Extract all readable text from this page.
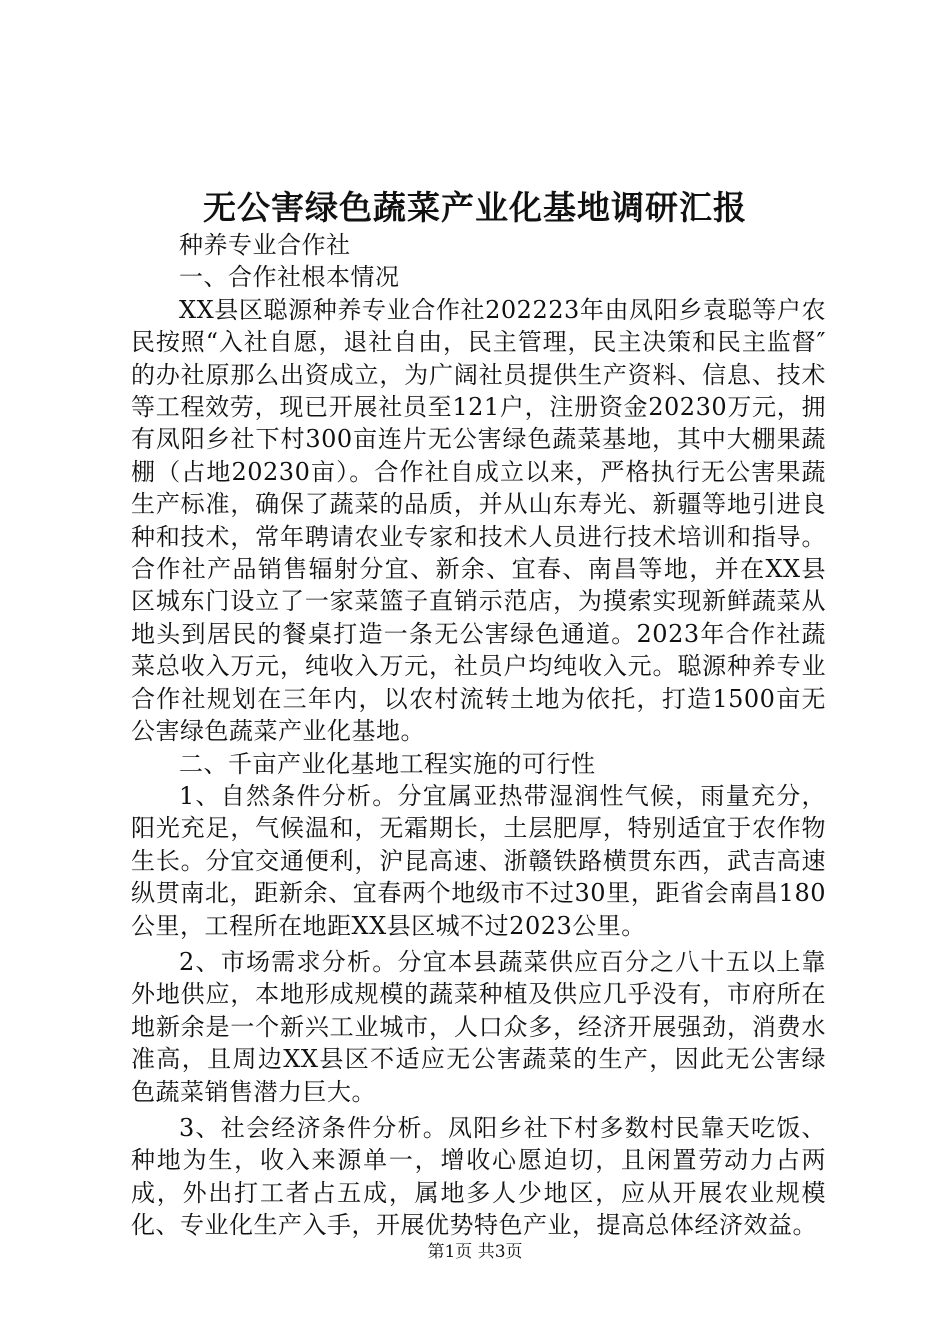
无公害绿色蔬菜产业化基地调研汇报

种养专业合作社

一、合作社根本情况

XX县区聪源种养专业合作社202223年由凤阳乡袁聪等户农民按照“入社自愿，退社自由，民主管理，民主决策和民主监督″的办社原那么出资成立，为广阔社员提供生产资料、信息、技术等工程效劳，现已开展社员至121户，注册资金20230万元，拥有凤阳乡社下村300亩连片无公害绿色蔬菜基地，其中大棚果蔬棚（占地20230亩）。合作社自成立以来，严格执行无公害果蔬生产标准，确保了蔬菜的品质，并从山东寿光、新疆等地引进良种和技术，常年聘请农业专家和技术人员进行技术培训和指导。合作社产品销售辐射分宜、新余、宜春、南昌等地，并在XX县区城东门设立了一家菜篮子直销示范店，为摸索实现新鲜蔬菜从地头到居民的餐桌打造一条无公害绿色通道。2023年合作社蔬菜总收入万元，纯收入万元，社员户均纯收入元。聪源种养专业合作社规划在三年内，以农村流转土地为依托，打造1500亩无公害绿色蔬菜产业化基地。

二、千亩产业化基地工程实施的可行性

1、自然条件分析。分宜属亚热带湿润性气候，雨量充分，阳光充足，气候温和，无霜期长，土层肥厚，特别适宜于农作物生长。分宜交通便利，沪昆高速、浙赣铁路横贯东西，武吉高速纵贯南北，距新余、宜春两个地级市不过30里，距省会南昌180公里，工程所在地距XX县区城不过2023公里。

2、市场需求分析。分宜本县蔬菜供应百分之八十五以上靠外地供应，本地形成规模的蔬菜种植及供应几乎没有，市府所在地新余是一个新兴工业城市，人口众多，经济开展强劲，消费水准高，且周边XX县区不适应无公害蔬菜的生产，因此无公害绿色蔬菜销售潜力巨大。

3、社会经济条件分析。凤阳乡社下村多数村民靠天吃饭、种地为生，收入来源单一，增收心愿迫切，且闲置劳动力占两成，外出打工者占五成，属地多人少地区，应从开展农业规模化、专业化生产入手，开展优势特色产业，提高总体经济效益。

第1页 共3页
